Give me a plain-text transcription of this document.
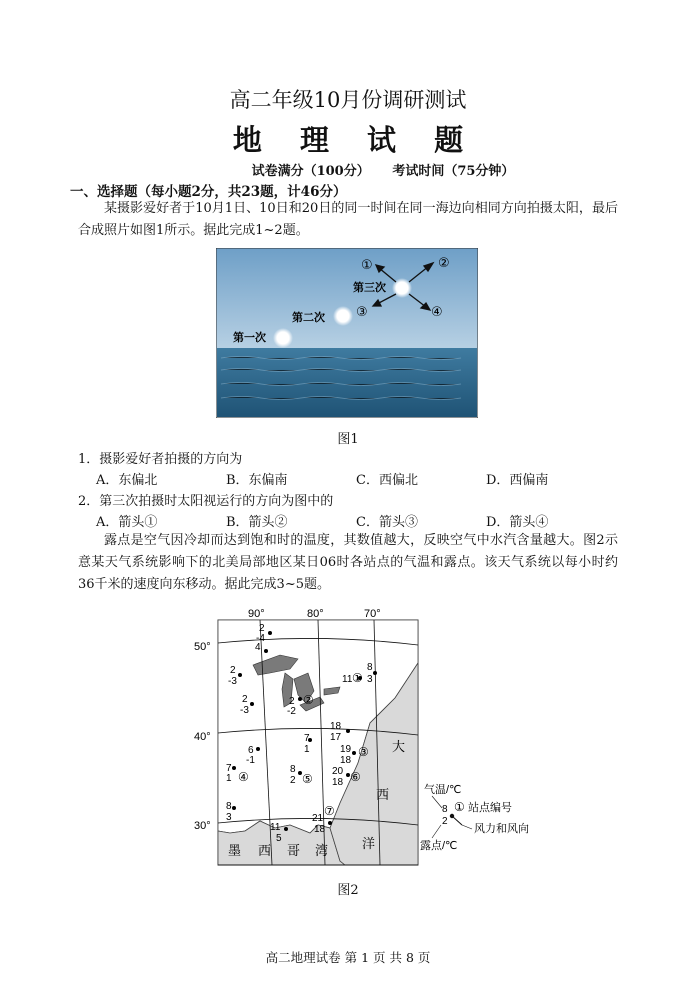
高二年级10月份调研测试
地 理 试 题
试卷满分（100分） 考试时间（75分钟）
一、选择题（每小题2分，共23题，计46分）
某摄影爱好者于10月1日、10日和20日的同一时间在同一海边向相同方向拍摄太阳，最后合成照片如图1所示。据此完成1~2题。
第一次
第二次
第三次
①	②
③	④
图1
1．摄影爱好者拍摄的方向为
A．东偏北	B．东偏南	C．西偏北	D．西偏南
2．第三次拍摄时太阳视运行的方向为图中的
A．箭头①	B．箭头②	C．箭头③	D．箭头④
露点是空气因冷却而达到饱和时的温度，其数值越大，反映空气中水汽含量越大。图2示意某天气系统影响下的北美局部地区某日06时各站点的气温和露点。该天气系统以每小时约36千米的速度向东移动。据此完成3~5题。
90°	80°	70°
50°
40°
30°
2
-4
4
2
-3
2
-3
2
-2
②
11 ①
8
3
18
17
7
1
6
-1
19
18
③
7
1 ④
8
2 ⑤
20
18 ⑥
8
3
11
5
21
18
⑦
大
西
洋
墨 西 哥 湾
气温/℃
8
2
① 站点编号
风力和风向
露点/℃
图2
高二地理试卷 第 1 页 共 8 页
